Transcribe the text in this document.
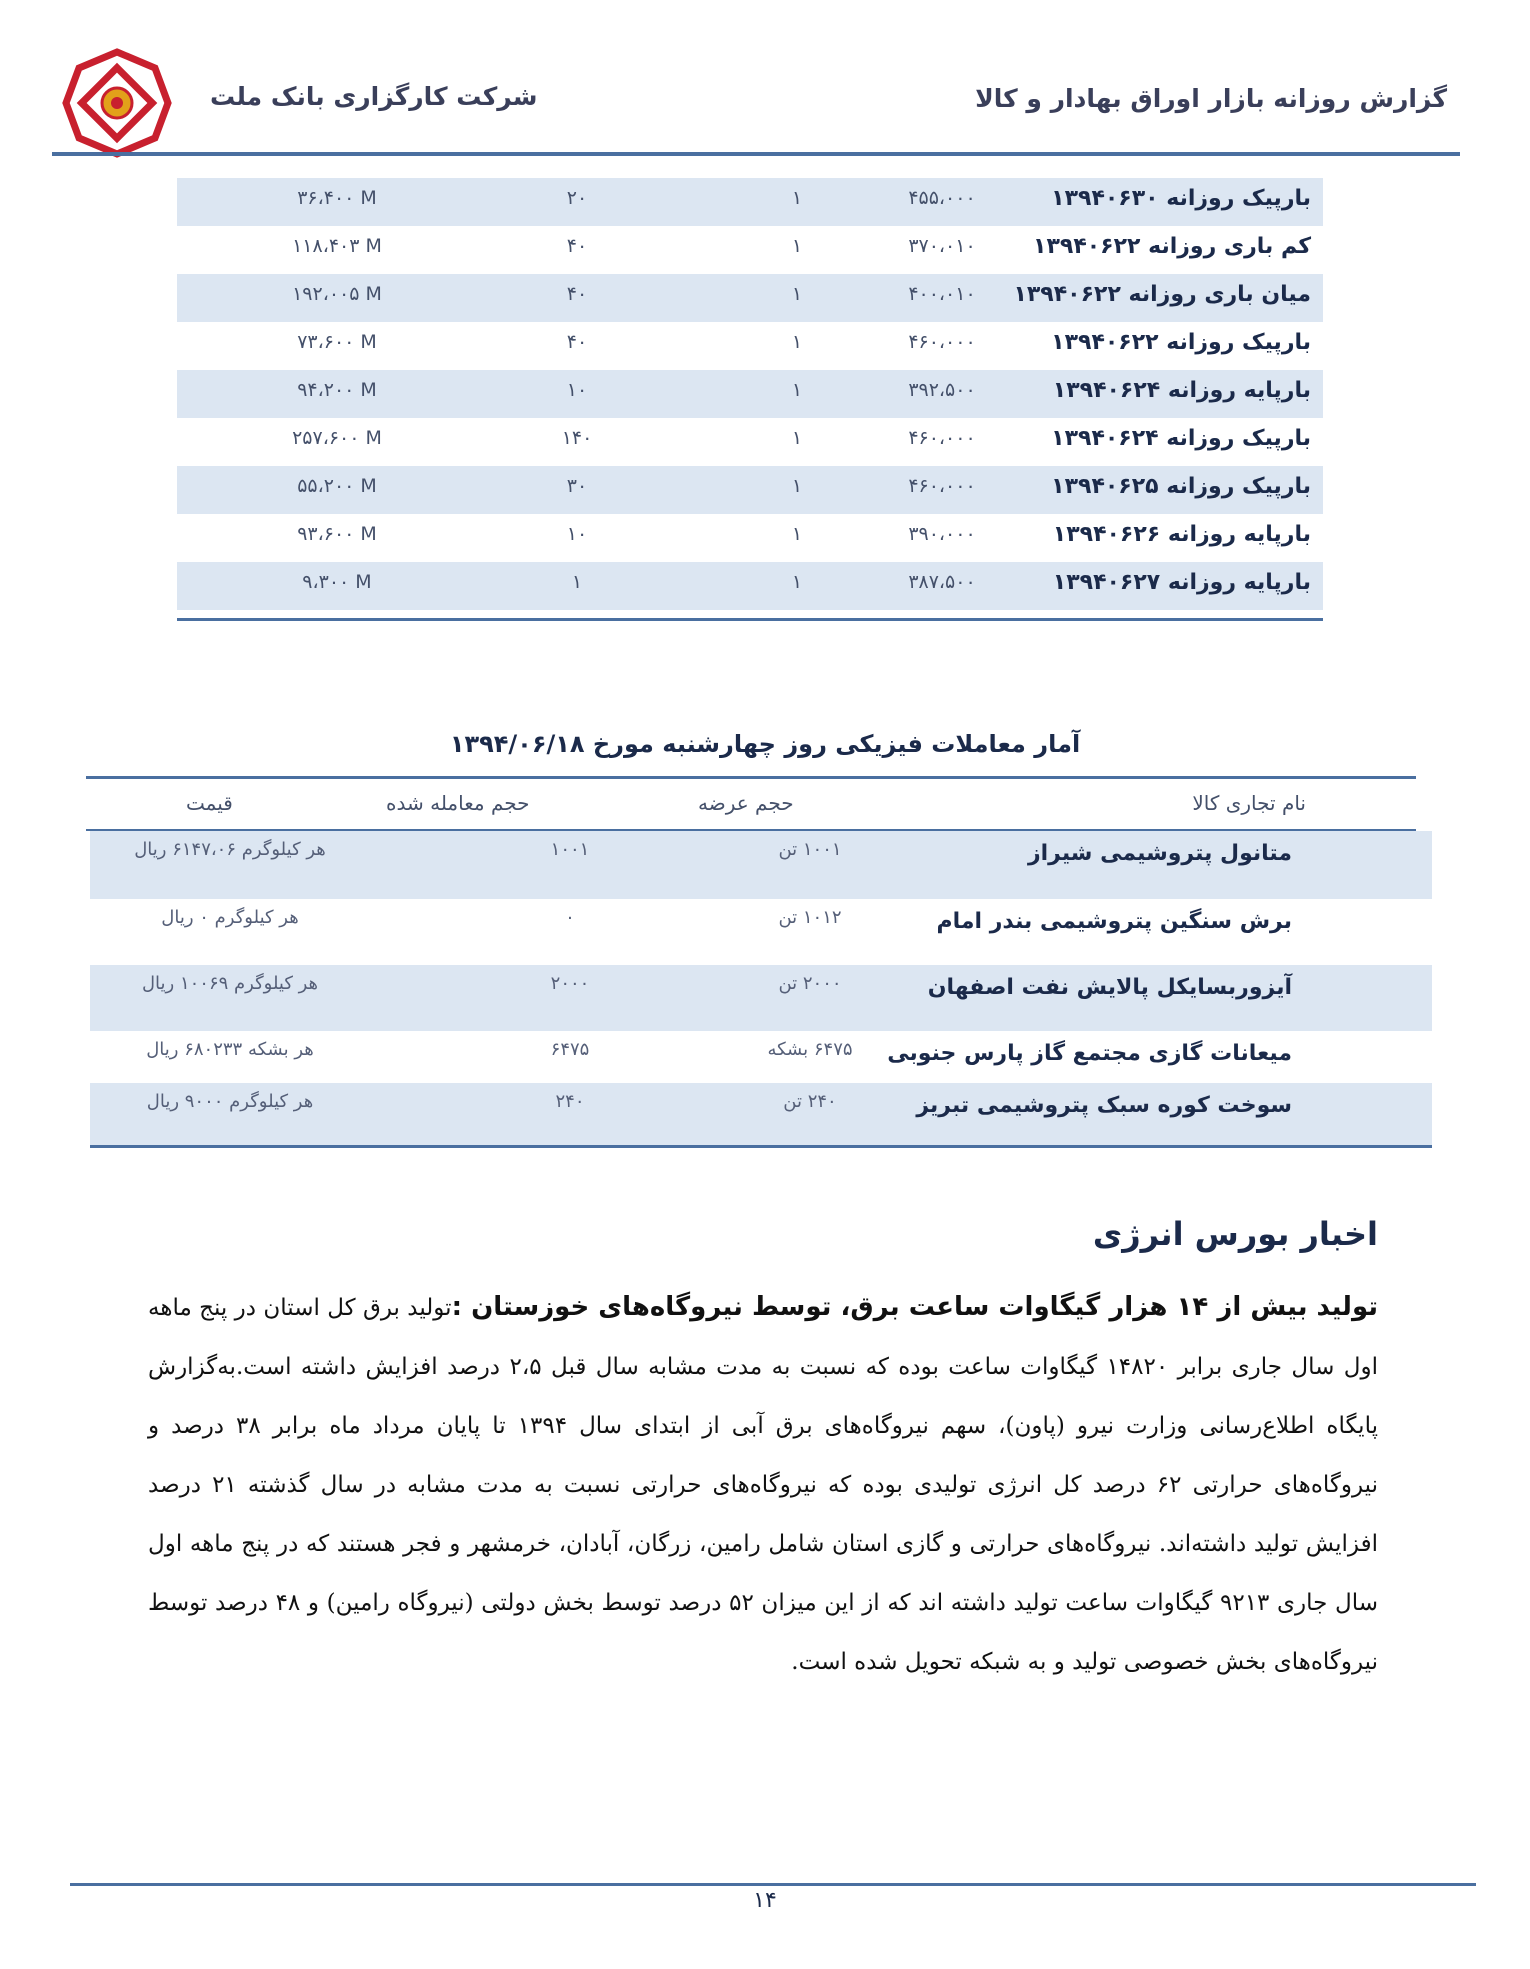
شرکت کارگزاری بانک ملت	گزارش روزانه بازار اوراق بهادار و کالا
بارپیک روزانه ۱۳۹۴۰۶۳۰
۴۵۵،۰۰۰
۱
۲۰
۳۶،۴۰۰ M
کم باری روزانه ۱۳۹۴۰۶۲۲
۳۷۰،۰۱۰
۱
۴۰
۱۱۸،۴۰۳ M
میان باری روزانه ۱۳۹۴۰۶۲۲
۴۰۰،۰۱۰
۱
۴۰
۱۹۲،۰۰۵ M
بارپیک روزانه ۱۳۹۴۰۶۲۲
۴۶۰،۰۰۰
۱
۴۰
۷۳،۶۰۰ M
بارپایه روزانه ۱۳۹۴۰۶۲۴
۳۹۲،۵۰۰
۱
۱۰
۹۴،۲۰۰ M
بارپیک روزانه ۱۳۹۴۰۶۲۴
۴۶۰،۰۰۰
۱
۱۴۰
۲۵۷،۶۰۰ M
بارپیک روزانه ۱۳۹۴۰۶۲۵
۴۶۰،۰۰۰
۱
۳۰
۵۵،۲۰۰ M
بارپایه روزانه ۱۳۹۴۰۶۲۶
۳۹۰،۰۰۰
۱
۱۰
۹۳،۶۰۰ M
بارپایه روزانه ۱۳۹۴۰۶۲۷
۳۸۷،۵۰۰
۱
۱
۹،۳۰۰ M
آمار معاملات فیزیکی روز چهارشنبه مورخ ۱۳۹۴/۰۶/۱۸
نام تجاری کالا
حجم عرضه
حجم معامله شده
قیمت
متانول پتروشیمی شیراز
۱۰۰۱ تن
۱۰۰۱
هر کیلوگرم ۶۱۴۷،۰۶ ریال
برش سنگین پتروشیمی بندر امام
۱۰۱۲ تن
۰
هر کیلوگرم ۰ ریال
آیزوربسایکل پالایش نفت اصفهان
۲۰۰۰ تن
۲۰۰۰
هر کیلوگرم ۱۰۰۶۹ ریال
میعانات گازی مجتمع گاز پارس جنوبی
۶۴۷۵ بشکه
۶۴۷۵
هر بشکه ۶۸۰۲۳۳ ریال
سوخت کوره سبک پتروشیمی تبریز
۲۴۰ تن
۲۴۰
هر کیلوگرم ۹۰۰۰ ریال
اخبار بورس انرژی
تولید بیش از ۱۴ هزار گیگاوات ساعت برق، توسط نیروگاه‌های خوزستان :تولید برق کل استان در پنج ماهه اول سال جاری برابر ۱۴۸۲۰ گیگاوات ساعت بوده که نسبت به مدت مشابه سال قبل ۲،۵ درصد افزایش داشته است.به‌گزارش پایگاه اطلاع‌رسانی وزارت نیرو (پاون)، سهم نیروگاه‌های برق آبی از ابتدای سال ۱۳۹۴ تا پایان مرداد ماه برابر ۳۸ درصد و نیروگاه‌های حرارتی ۶۲ درصد کل انرژی تولیدی بوده که نیروگاه‌های حرارتی نسبت به مدت مشابه در سال گذشته ۲۱ درصد افزایش تولید داشته‌اند. نیروگاه‌های حرارتی و گازی استان شامل رامین، زرگان، آبادان، خرمشهر و فجر هستند که در پنج ماهه اول سال جاری ۹۲۱۳ گیگاوات ساعت تولید داشته اند که از این میزان ۵۲ درصد توسط بخش دولتی (نیروگاه رامین) و ۴۸ درصد توسط نیروگاه‌های بخش خصوصی تولید و به شبکه تحویل شده است.
۱۴
